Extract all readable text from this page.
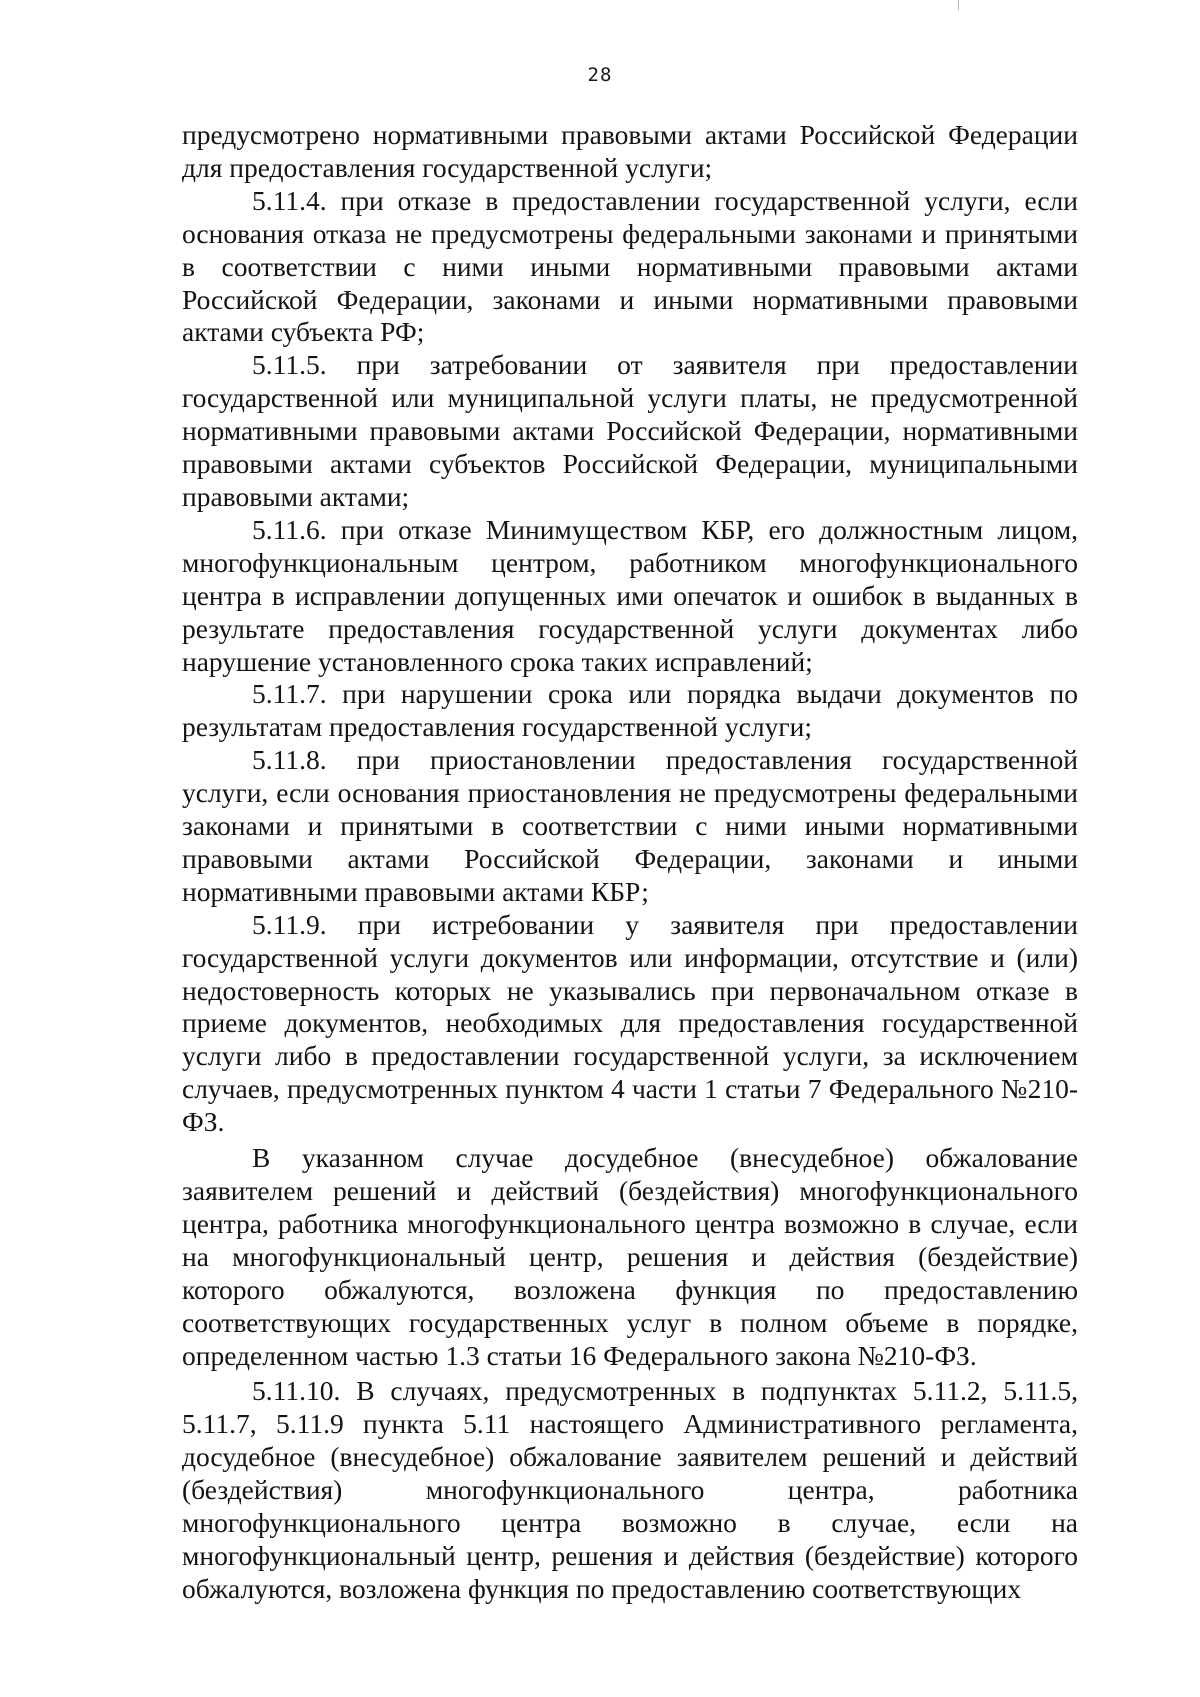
28

предусмотрено нормативными правовыми актами Российской Федерации для предоставления государственной услуги;

5.11.4. при отказе в предоставлении государственной услуги, если основания отказа не предусмотрены федеральными законами и принятыми в соответствии с ними иными нормативными правовыми актами Российской Федерации, законами и иными нормативными правовыми актами субъекта РФ;

5.11.5. при затребовании от заявителя при предоставлении государственной или муниципальной услуги платы, не предусмотренной нормативными правовыми актами Российской Федерации, нормативными правовыми актами субъектов Российской Федерации, муниципальными правовыми актами;

5.11.6. при отказе Минимуществом КБР, его должностным лицом, многофункциональным центром, работником многофункционального центра в исправлении допущенных ими опечаток и ошибок в выданных в результате предоставления государственной услуги документах либо нарушение установленного срока таких исправлений;

5.11.7. при нарушении срока или порядка выдачи документов по результатам предоставления государственной услуги;

5.11.8. при приостановлении предоставления государственной услуги, если основания приостановления не предусмотрены федеральными законами и принятыми в соответствии с ними иными нормативными правовыми актами Российской Федерации, законами и иными нормативными правовыми актами КБР;

5.11.9. при истребовании у заявителя при предоставлении государственной услуги документов или информации, отсутствие и (или) недостоверность которых не указывались при первоначальном отказе в приеме документов, необходимых для предоставления государственной услуги либо в предоставлении государственной услуги, за исключением случаев, предусмотренных пунктом 4 части 1 статьи 7 Федерального №210-ФЗ.

В указанном случае досудебное (внесудебное) обжалование заявителем решений и действий (бездействия) многофункционального центра, работника многофункционального центра возможно в случае, если на многофункциональный центр, решения и действия (бездействие) которого обжалуются, возложена функция по предоставлению соответствующих государственных услуг в полном объеме в порядке, определенном частью 1.3 статьи 16 Федерального закона №210-ФЗ.

5.11.10. В случаях, предусмотренных в подпунктах 5.11.2, 5.11.5, 5.11.7, 5.11.9 пункта 5.11 настоящего Административного регламента, досудебное (внесудебное) обжалование заявителем решений и действий (бездействия) многофункционального центра, работника многофункционального центра возможно в случае, если на многофункциональный центр, решения и действия (бездействие) которого обжалуются, возложена функция по предоставлению соответствующих
